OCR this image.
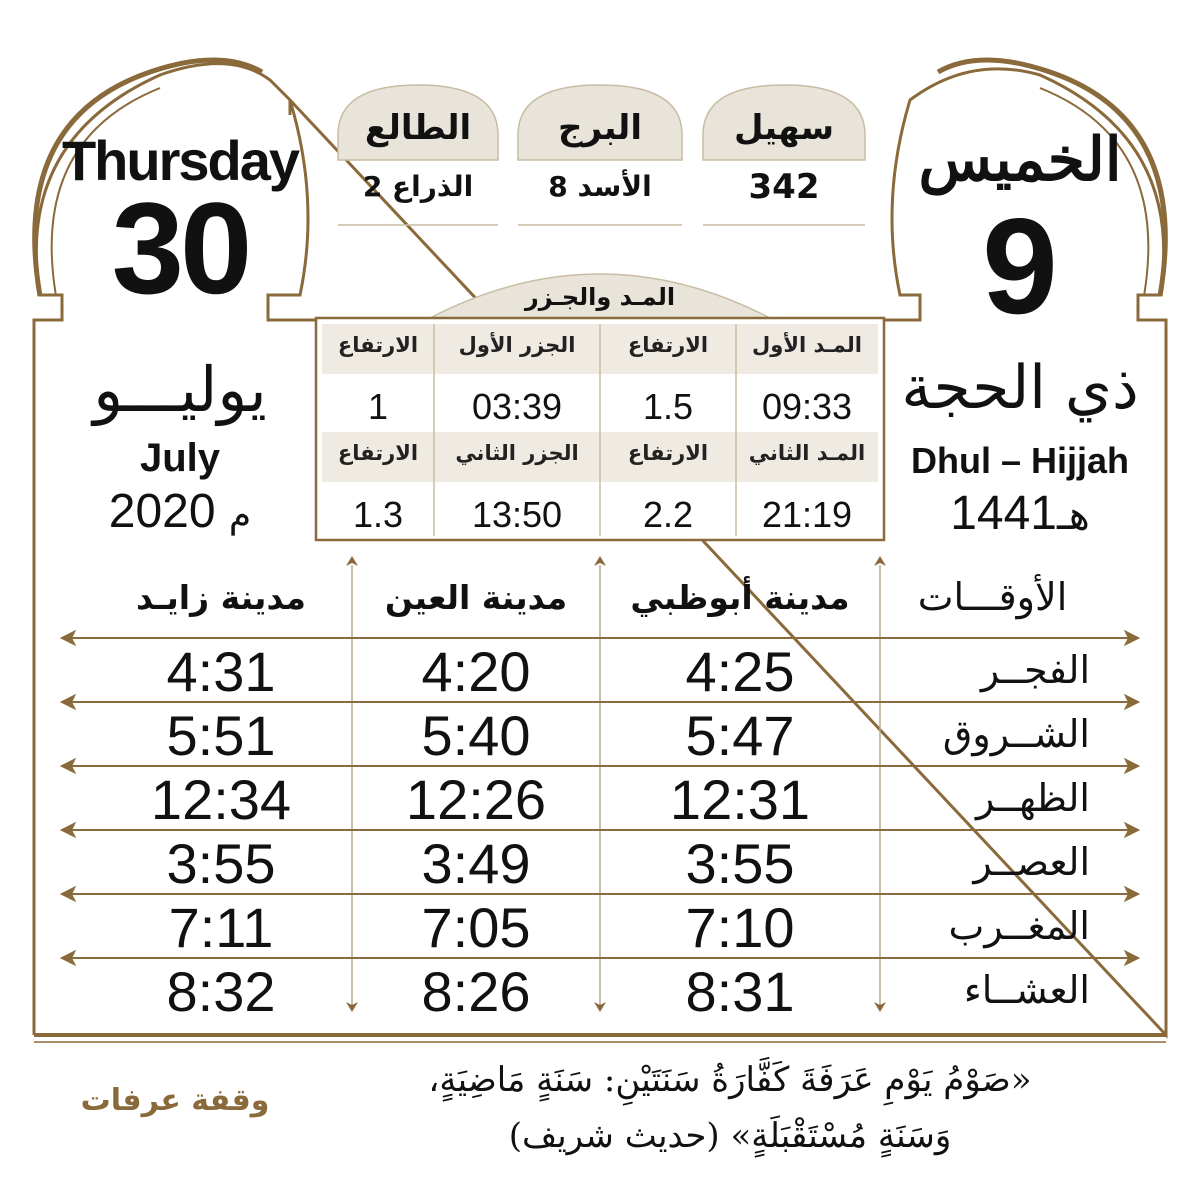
Thursday
30
يوليـــو
July
م 2020
الخميس
9
ذي الحجة
Dhul – Hijjah
1441هـ
سهيل
342
البرج
الأسد 8
الطالع
الذراع 2
المـد والجـزر
المـد الأول
09:33
الارتفاع
1.5
الجزر الأول
03:39
الارتفاع
1
المـد الثاني
21:19
الارتفاع
2.2
الجزر الثاني
13:50
الارتفاع
1.3
الأوقـــات
مدينة أبوظبي
مدينة العين
مدينة زايـد
الفجــر
4:25
4:20
4:31
الشــروق
5:47
5:40
5:51
الظهــر
12:31
12:26
12:34
العصــر
3:55
3:49
3:55
المغــرب
7:10
7:05
7:11
العشــاء
8:31
8:26
8:32
وقفة عرفات
«صَوْمُ يَوْمِ عَرَفَةَ كَفَّارَةُ سَنَتَيْنِ: سَنَةٍ مَاضِيَةٍ،
وَسَنَةٍ مُسْتَقْبَلَةٍ» (حديث شريف)
